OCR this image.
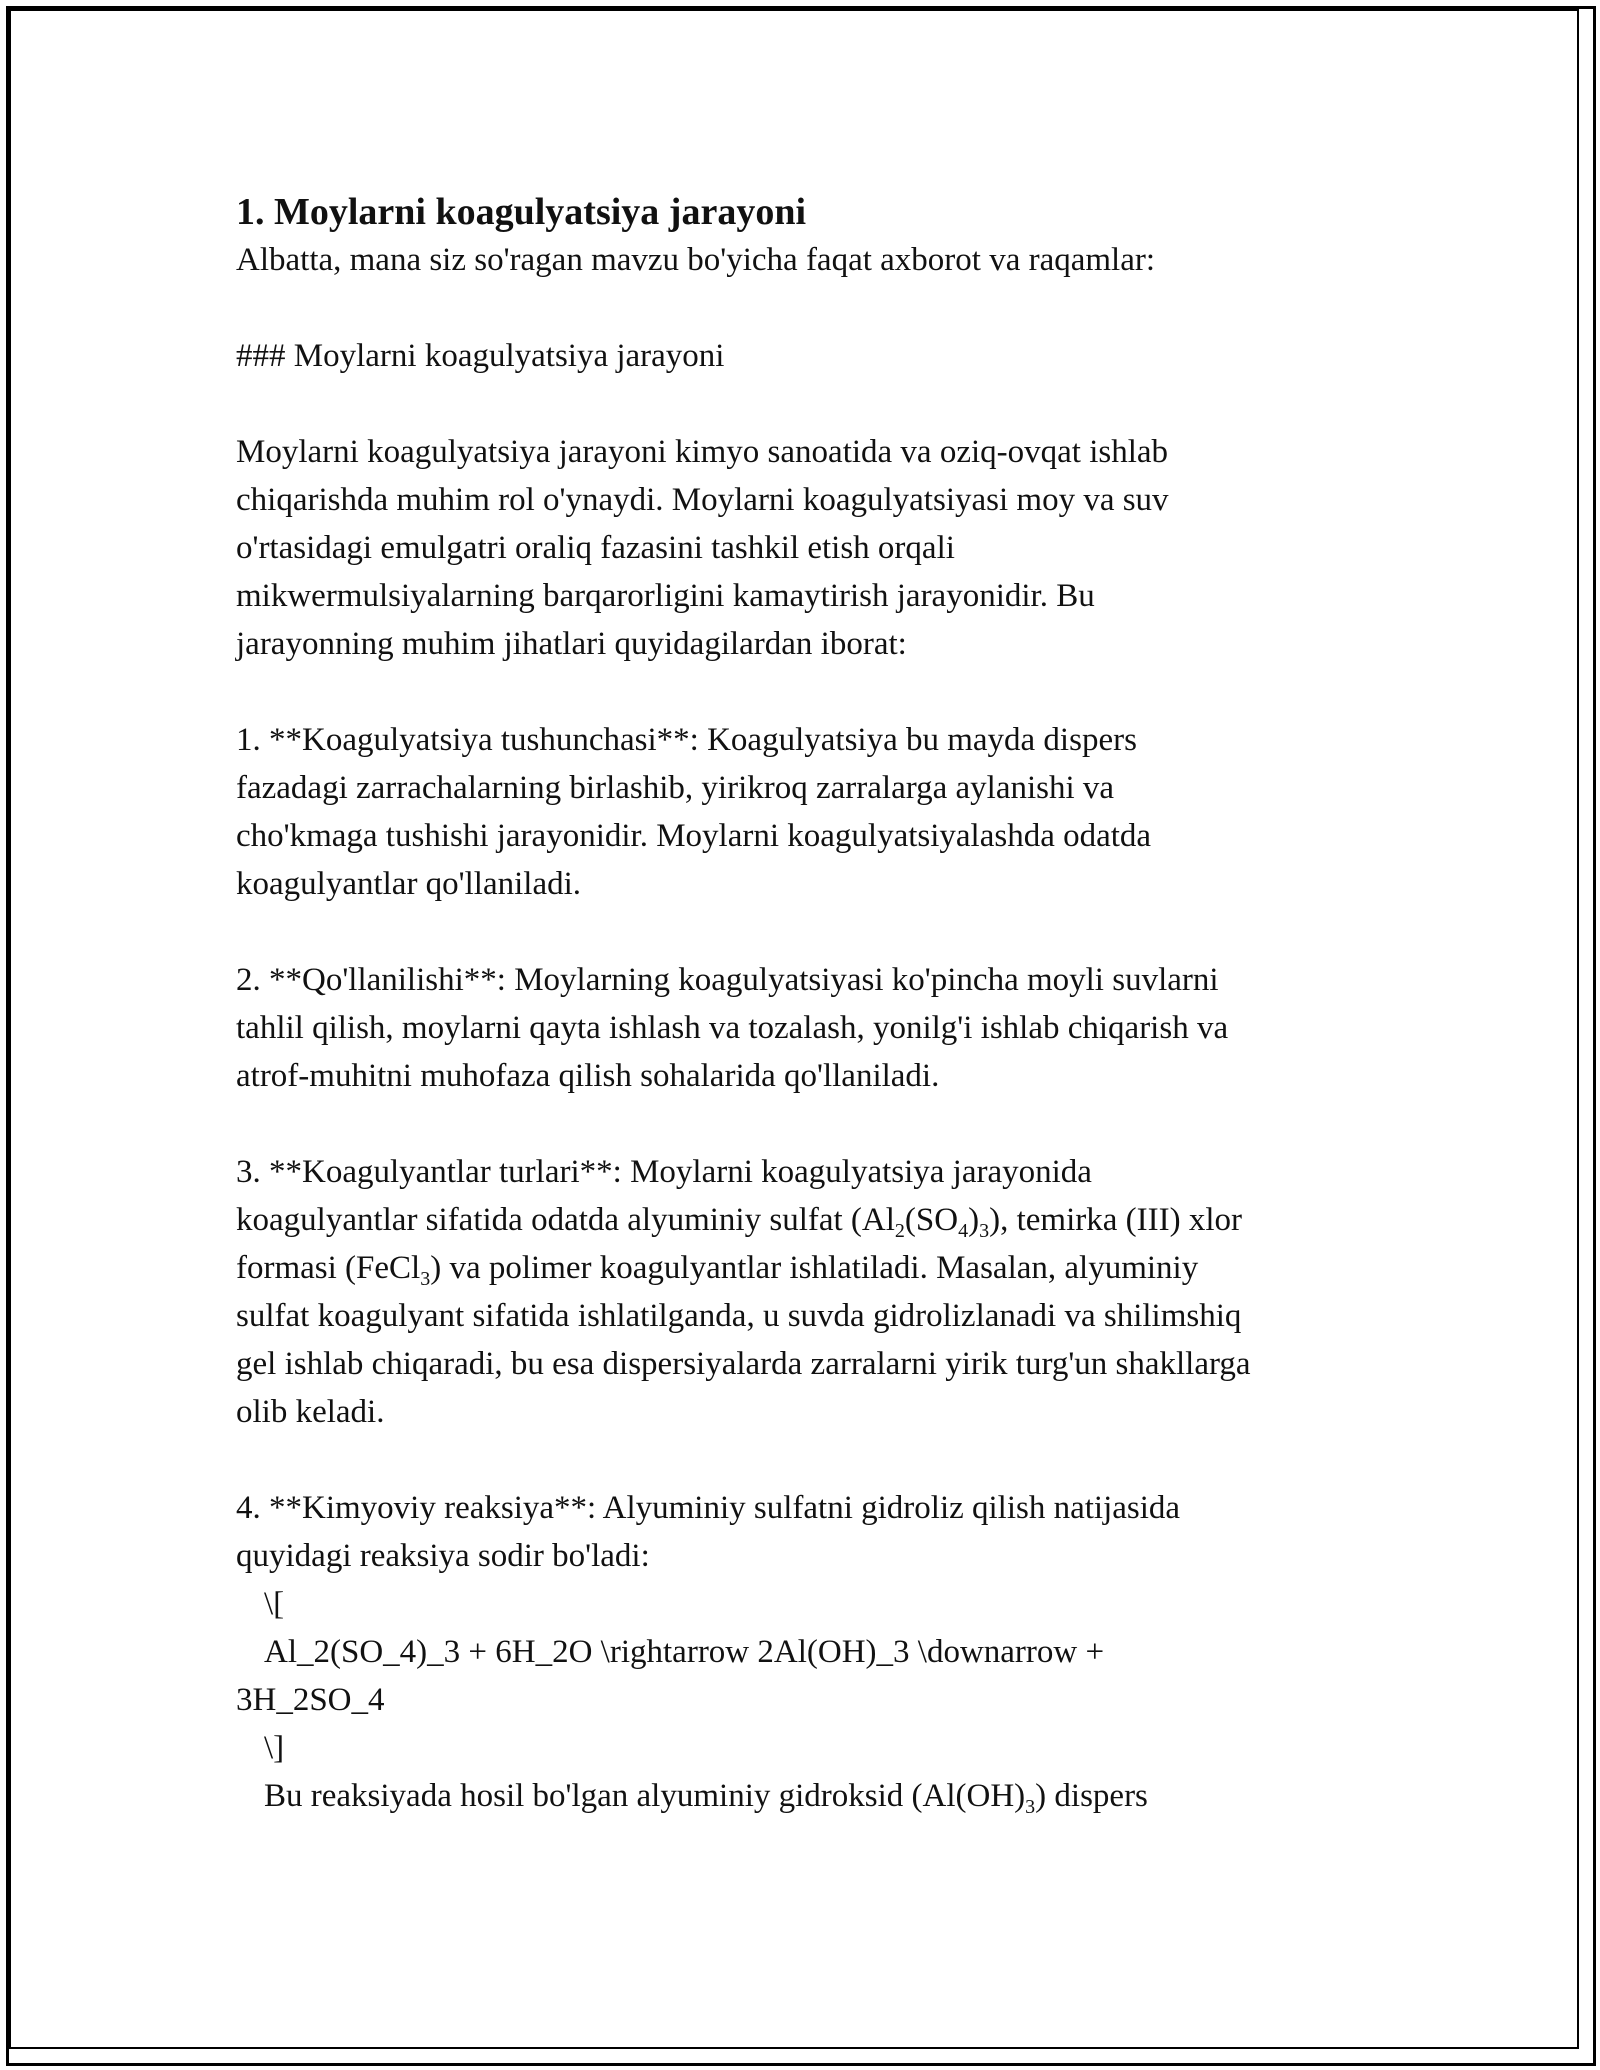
1. Moylarni koagulyatsiya jarayoni

Albatta, mana siz so'ragan mavzu bo'yicha faqat axborot va raqamlar:

### Moylarni koagulyatsiya jarayoni

Moylarni koagulyatsiya jarayoni kimyo sanoatida va oziq-ovqat ishlab

chiqarishda muhim rol o'ynaydi. Moylarni koagulyatsiyasi moy va suv

o'rtasidagi emulgatri oraliq fazasini tashkil etish orqali

mikwermulsiyalarning barqarorligini kamaytirish jarayonidir. Bu

jarayonning muhim jihatlari quyidagilardan iborat:

1. **Koagulyatsiya tushunchasi**: Koagulyatsiya bu mayda dispers

fazadagi zarrachalarning birlashib, yirikroq zarralarga aylanishi va

cho'kmaga tushishi jarayonidir. Moylarni koagulyatsiyalashda odatda

koagulyantlar qo'llaniladi.

2. **Qo'llanilishi**: Moylarning koagulyatsiyasi ko'pincha moyli suvlarni

tahlil qilish, moylarni qayta ishlash va tozalash, yonilg'i ishlab chiqarish va

atrof-muhitni muhofaza qilish sohalarida qo'llaniladi.

3. **Koagulyantlar turlari**: Moylarni koagulyatsiya jarayonida

koagulyantlar sifatida odatda alyuminiy sulfat $(Al_2(SO_4)_3)$, temirka (III) xlor

formasi (FeCl$_3$) va polimer koagulyantlar ishlatiladi. Masalan, alyuminiy

sulfat koagulyant sifatida ishlatilganda, u suvda gidrolizlanadi va shilimshiq

gel ishlab chiqaradi, bu esa dispersiyalarda zarralarni yirik turg'un shakllarga

olib keladi.

4. **Kimyoviy reaksiya**: Alyuminiy sulfatni gidroliz qilish natijasida

quyidagi reaksiya sodir bo'ladi:

\[

Al_2(SO_4)_3 + 6H_2O \rightarrow 2Al(OH)_3 \downarrow +

3H_2SO_4

\]

Bu reaksiyada hosil bo'lgan alyuminiy gidroksid $(Al(OH)_3)$ dispers
